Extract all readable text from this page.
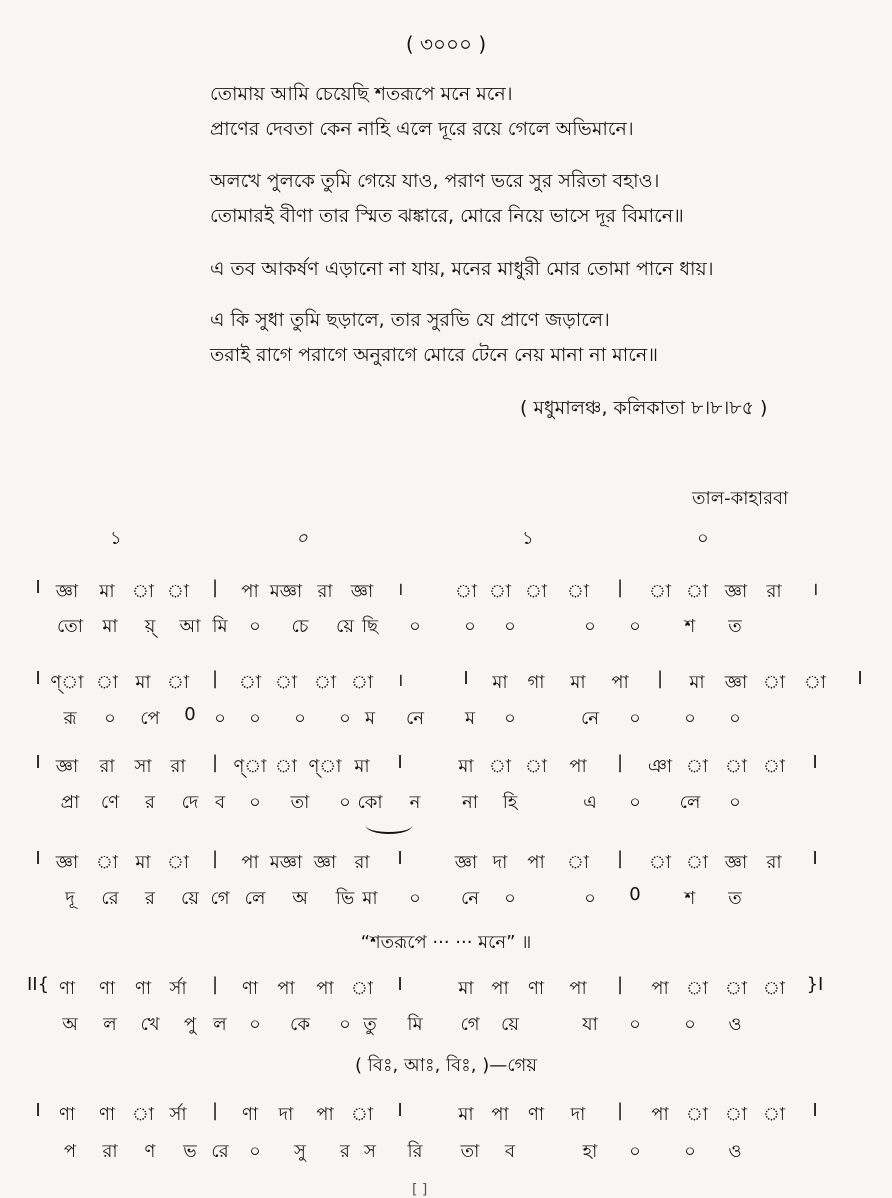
( ৩০০০ )
তোমায় আমি চেয়েছি শতরূপে মনে মনে।
প্রাণের দেবতা কেন নাহি এলে দূরে রয়ে গেলে অভিমানে।
অলখে পুলকে তুমি গেয়ে যাও, পরাণ ভরে সুর সরিতা বহাও।
তোমারই বীণা তার স্মিত ঝঙ্কারে, মোরে নিয়ে ভাসে দূর বিমানে॥
এ তব আকর্ষণ এড়ানো না যায়, মনের মাধুরী মোর তোমা পানে ধায়।
এ কি সুধা তুমি ছড়ালে, তার সুরভি যে প্রাণে জড়ালে।
তরাই রাগে পরাগে অনুরাগে মোরে টেনে নেয় মানা না মানে॥
( মধুমালঞ্চ, কলিকাতা ৮।৮।৮৫ )
তাল-কাহারবা
১	০	১	০
I জ্ঞা	মা া া	|	পা মজ্ঞা রা	জ্ঞা	।	া া া	া	|	া া জ্ঞা	রা	।
তো	মা	য়্	আ মি	০	চে	য়ে ছি	০	০	০	০	০	শ	ত
I ণ্া া মা া	|	া া া া	।	I	মা	গা	মা	পা	|	মা	জ্ঞা া	া	I
রূ	০	পে	0	০	০	০	০ ম	নে	ম	০	নে	০	০	০
I জ্ঞা	রা	সা	রা	| ণ্া া ণ্া মা	I	মা া া	পা	|	ঞা া া া	I
প্রা	ণে	র	দে ব	০	তা	০ কো	ন	না	হি	এ	০	লে	০
I জ্ঞা া মা া	|	পা মজ্ঞা জ্ঞা	রা	I	জ্ঞা দা	পা	া	|	া া জ্ঞা	রা	I
দূ	রে	র	য়ে গে লে	অ	ভি মা	০	নে	০	০	0	শ	ত
II{ ণা	ণা	ণা	র্সা	|	ণা	পা	পা া	I	মা পা	ণা	পা	|	পা া া া	}I
অ	ল	খে	পু ল	০	কে	০ তু	মি	গে	য়ে	যা	০	০	ও
I	ণা	ণা া র্সা	|	ণা	দা	পা া	I	মা পা	ণা	দা	|	পা া া া	I
প	রা	ণ	ভ রে	০	সু	র স	রি	তা	ব	হা	০	০	ও
“শতরূপে ··· ··· মনে” ॥
( বিঃ, আঃ, বিঃ, )—গেয়
[ ]
